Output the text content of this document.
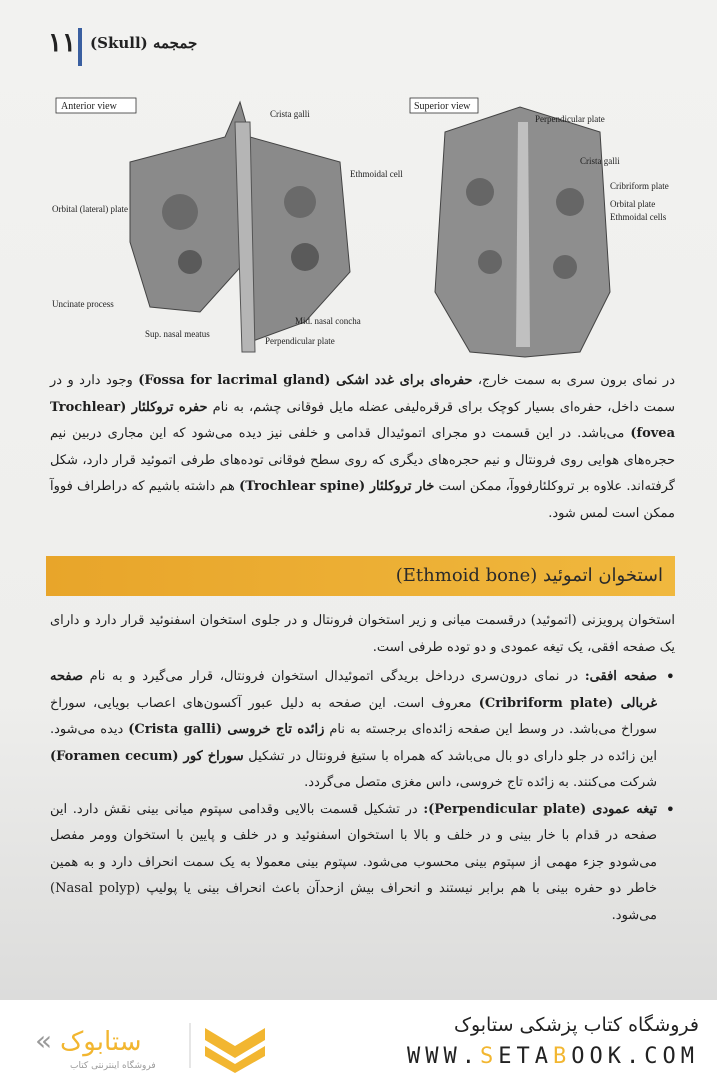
۱۱ جمجمه (Skull)
Anterior view
Crista galli
Ethmoidal cell
Orbital (lateral) plate
Uncinate process
Sup. nasal meatus
Mid. nasal concha
Perpendicular plate
Superior view
Perpendicular plate
Crista galli
Cribriform plate
Orbital plate
Ethmoidal cells

در نمای برون سری به سمت خارج، حفره‌ای برای غدد اشکی (Fossa for lacrimal gland) وجود دارد و در سمت داخل، حفره‌ای بسیار کوچک برای قرقره‌لیفی عضله مایل فوقانی چشم، به نام حفره تروکلئار (Trochlear fovea) می‌باشد. در این قسمت دو مجرای اتموئیدال قدامی و خلفی نیز دیده می‌شود که این مجاری دربین نیم حجره‌های هوایی روی فرونتال و نیم حجره‌های دیگری که روی سطح فوقانی توده‌های طرفی اتموئید قرار دارد، شکل گرفته‌اند. علاوه بر تروکلئارفووآ، ممکن است خار تروکلئار (Trochlear spine) هم داشته باشیم که دراطراف فووآ ممکن است لمس شود.

استخوان اتموئید (Ethmoid bone)

استخوان پرویزنی (اتموئید) درقسمت میانی و زیر استخوان فرونتال و در جلوی استخوان اسفنوئید قرار دارد و دارای یک صفحه افقی، یک تیغه عمودی و دو توده طرفی است.

• صفحه افقی: در نمای درون‌سری درداخل بریدگی اتموئیدال استخوان فرونتال، قرار می‌گیرد و به نام صفحه غربالی (Cribriform plate) معروف است. این صفحه به دلیل عبور آکسون‌های اعصاب بویایی، سوراخ سوراخ می‌باشد. در وسط این صفحه زائده‌ای برجسته به نام زائده تاج خروسی (Crista galli) دیده می‌شود. این زائده در جلو دارای دو بال می‌باشد که همراه با ستیغ فرونتال در تشکیل سوراخ کور (Foramen cecum) شرکت می‌کنند. به زائده تاج خروسی، داس مغزی متصل می‌گردد.
• تیغه عمودی (Perpendicular plate): در تشکیل قسمت بالایی وقدامی سپتوم میانی بینی نقش دارد. این صفحه در قدام با خار بینی و در خلف و بالا با استخوان اسفنوئید و در خلف و پایین با استخوان ‌وومر مفصل می‌شودو جزء مهمی از سپتوم بینی محسوب می‌شود. سپتوم بینی معمولا به یک سمت انحراف دارد و به همین خاطر دو حفره بینی با هم برابر نیستند و انحراف بیش ازحدآن باعث انحراف بینی یا پولیپ (Nasal polyp) می‌شود.
« ستابوک
فروشگاه اینترنتی کتاب
فروشگاه کتاب پزشکی ستابوک
WWW.SETABOOK.COM
